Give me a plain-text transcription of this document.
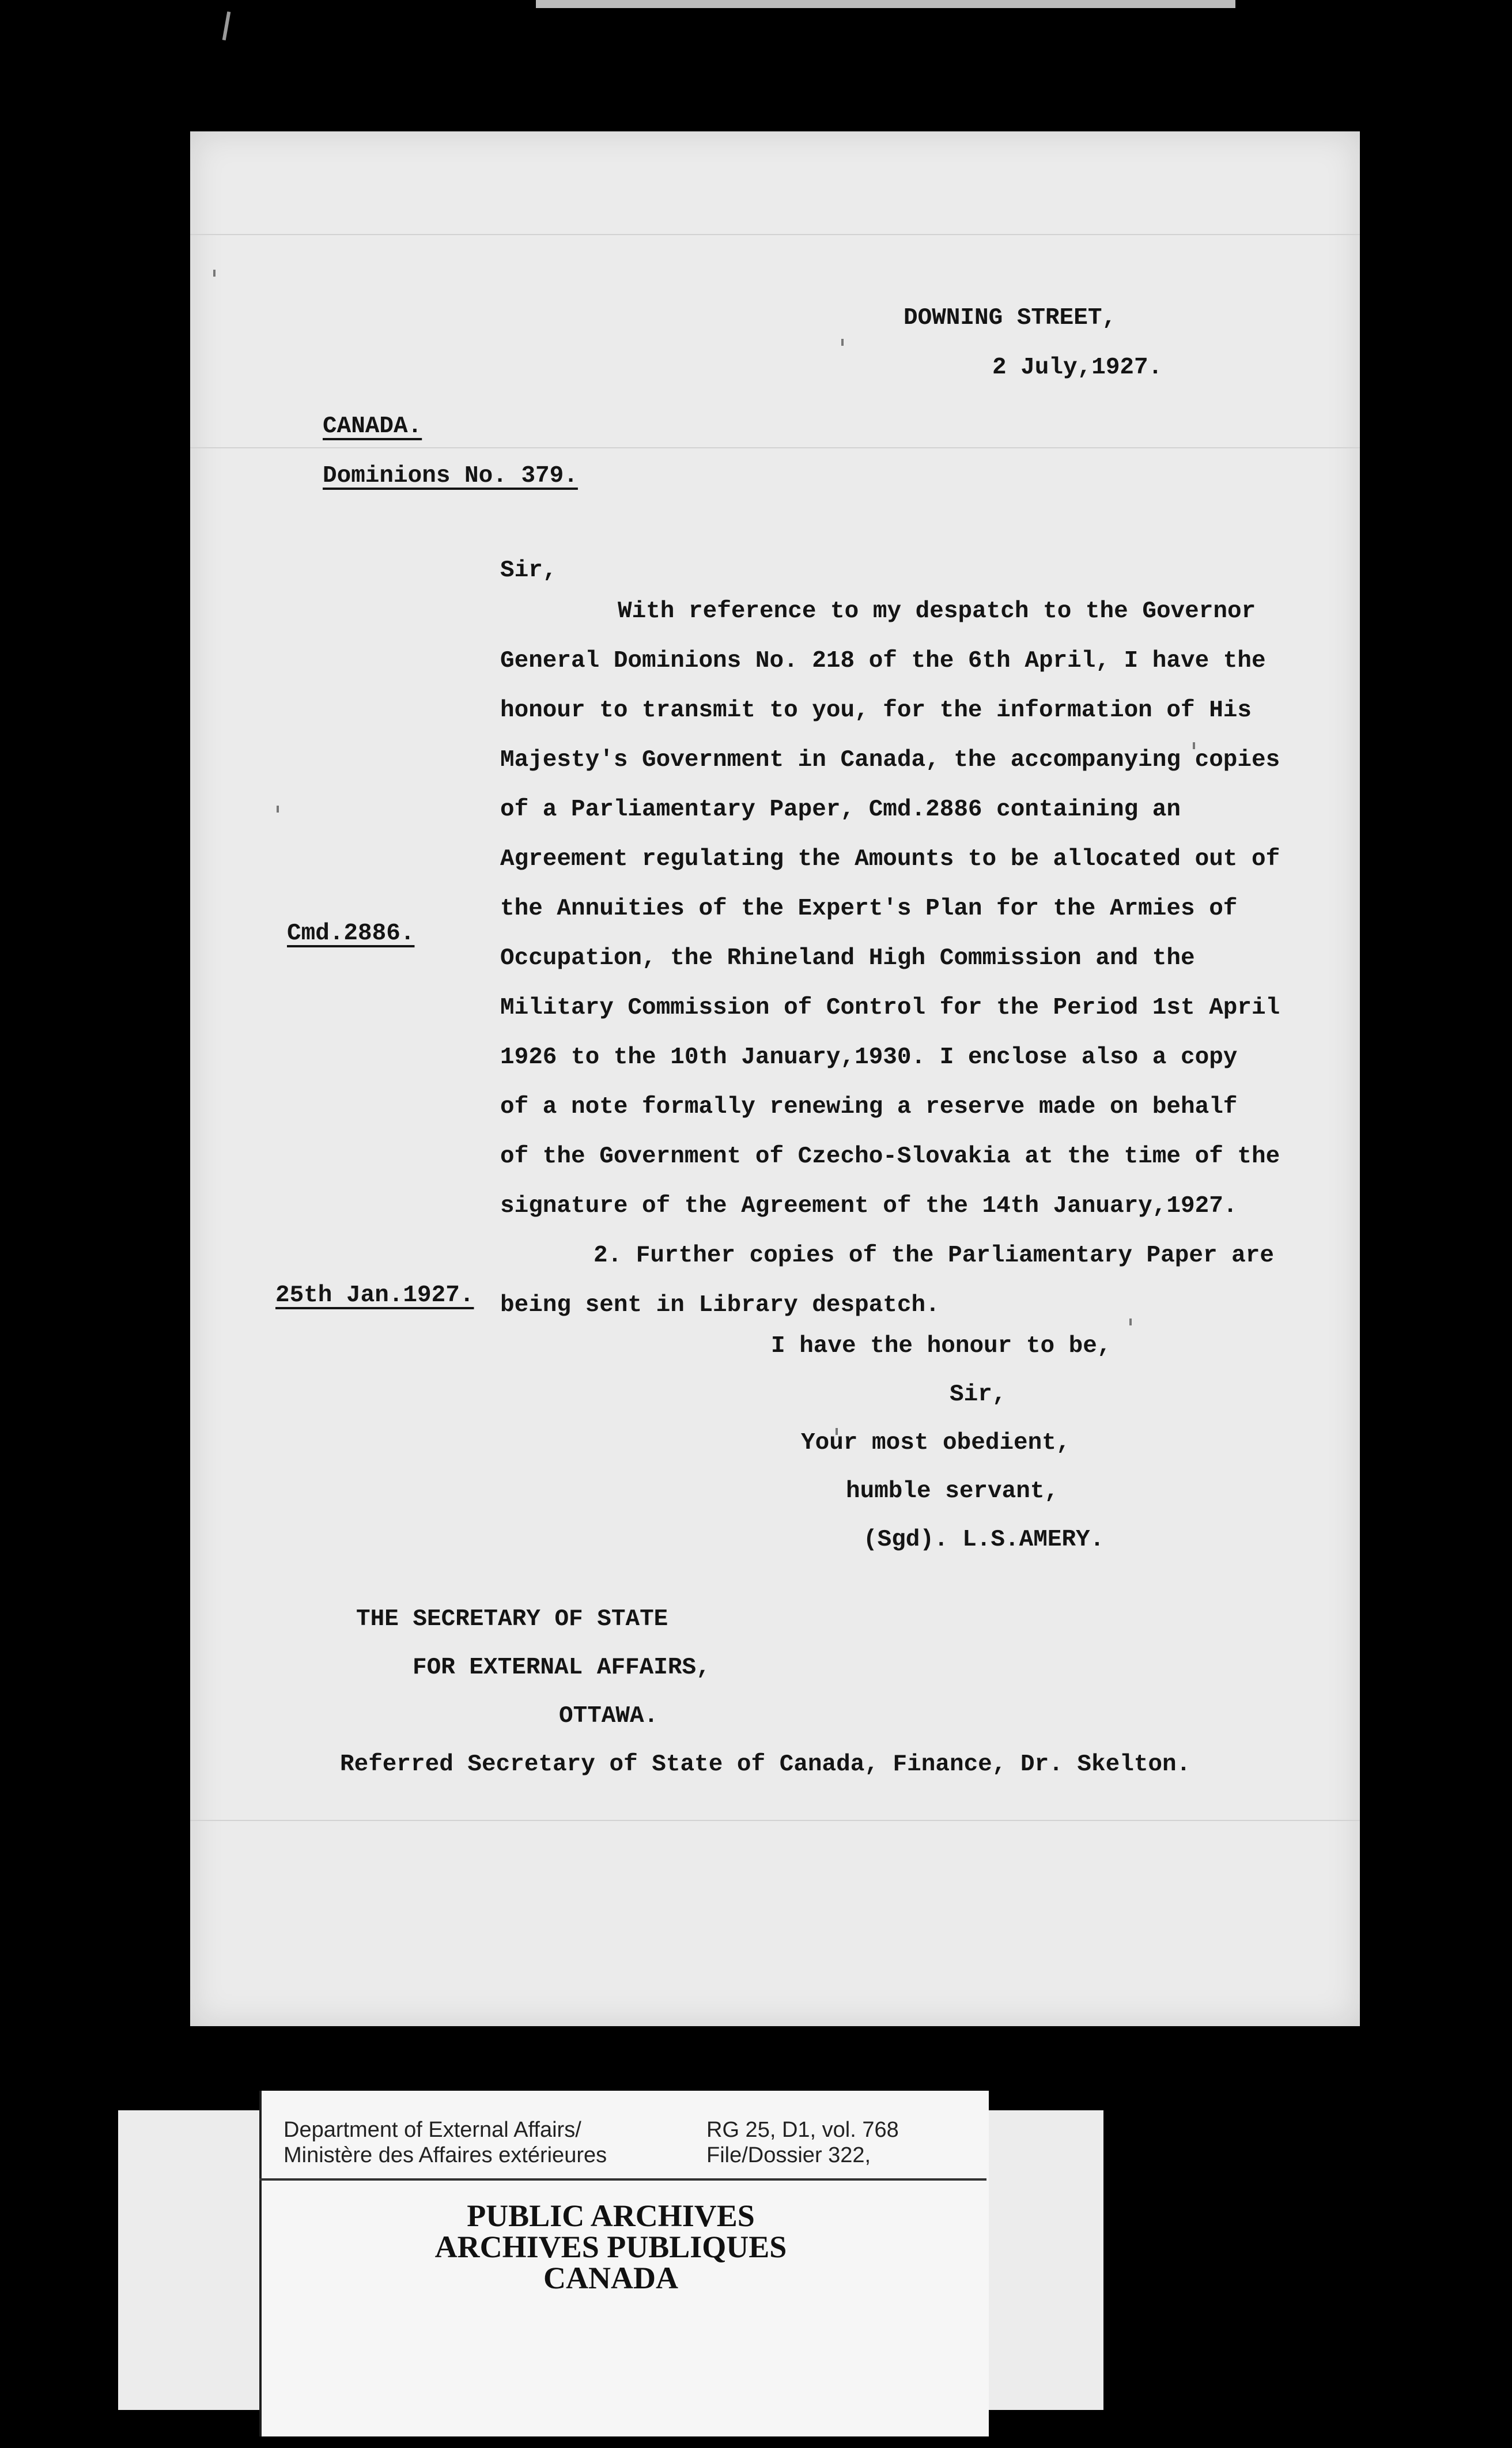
DOWNING STREET,

2 July,1927.

CANADA.

Dominions No. 379.

Sir,

With reference to my despatch to the Governor

General Dominions No. 218 of the 6th April, I have the

honour to transmit to you, for the information of His

Majesty's Government in Canada, the accompanying copies

of a Parliamentary Paper, Cmd.2886 containing an

Agreement regulating the Amounts to be allocated out of

the Annuities of the Expert's Plan for the Armies of

Occupation, the Rhineland High Commission and the

Military Commission of Control for the Period 1st April

1926 to the 10th January,1930. I enclose also a copy

of a note formally renewing a reserve made on behalf

of the Government of Czecho-Slovakia at the time of the

signature of the Agreement of the 14th January,1927.

2. Further copies of the Parliamentary Paper are

being sent in Library despatch.

Cmd.2886.

25th Jan.1927.

I have the honour to be,

Sir,

Your most obedient,

humble servant,

(Sgd). L.S.AMERY.

THE SECRETARY OF STATE

FOR EXTERNAL AFFAIRS,

OTTAWA.

Referred Secretary of State of Canada, Finance, Dr. Skelton.

Department of External Affairs/

Ministère des Affaires extérieures

RG 25, D1, vol. 768

File/Dossier 322,

PUBLIC ARCHIVES
ARCHIVES PUBLIQUES
CANADA
